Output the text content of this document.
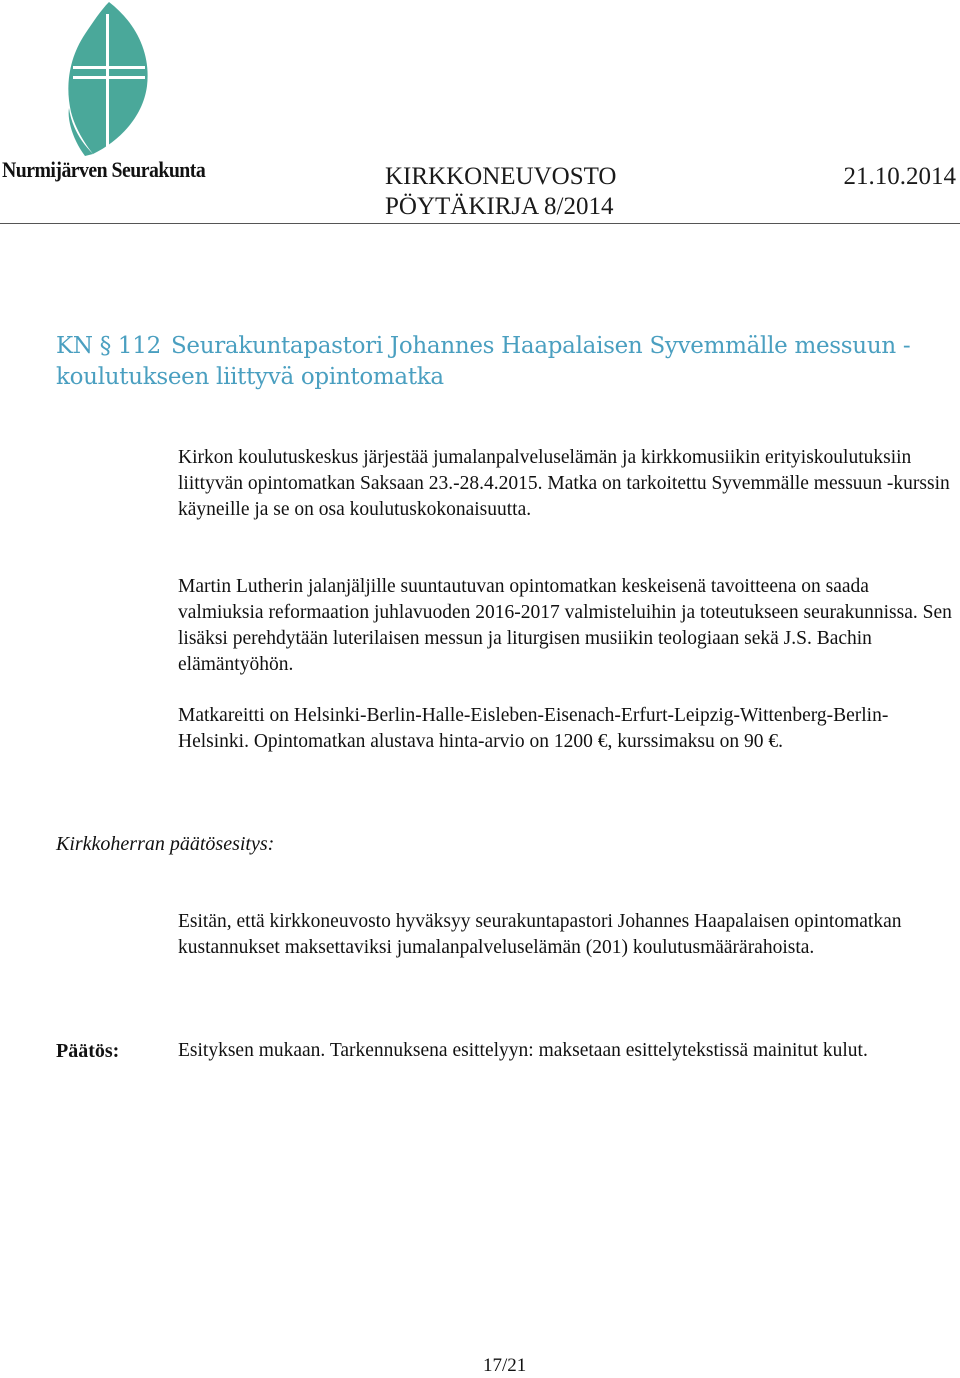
Nurmijärven Seurakunta	KIRKKONEUVOSTO
PÖYTÄKIRJA 8/2014
21.10.2014
KN § 112 Seurakuntapastori Johannes Haapalaisen Syvemmälle messuun -koulutukseen liittyvä opintomatka
Kirkon koulutuskeskus järjestää jumalanpalveluselämän ja kirkkomusiikin erityiskoulutuksiin liittyvän opintomatkan Saksaan 23.-28.4.2015. Matka on tarkoitettu Syvemmälle messuun -kurssin käyneille ja se on osa koulutuskokonaisuutta.
Martin Lutherin jalanjäljille suuntautuvan opintomatkan keskeisenä tavoitteena on saada valmiuksia reformaation juhlavuoden 2016-2017 valmisteluihin ja toteutukseen seurakunnissa. Sen lisäksi perehdytään luterilaisen messun ja liturgisen musiikin teologiaan sekä J.S. Bachin elämäntyöhön.
Matkareitti on Helsinki-Berlin-Halle-Eisleben-Eisenach-Erfurt-Leipzig-Wittenberg-Berlin-Helsinki. Opintomatkan alustava hinta-arvio on 1200 €, kurssimaksu on 90 €.
Kirkkoherran päätösesitys:
Esitän, että kirkkoneuvosto hyväksyy seurakuntapastori Johannes Haapalaisen opintomatkan kustannukset maksettaviksi jumalanpalveluselämän (201) koulutusmäärärahoista.
Päätös:	Esityksen mukaan. Tarkennuksena esittelyyn: maksetaan esittelytekstissä mainitut kulut.
17/21
